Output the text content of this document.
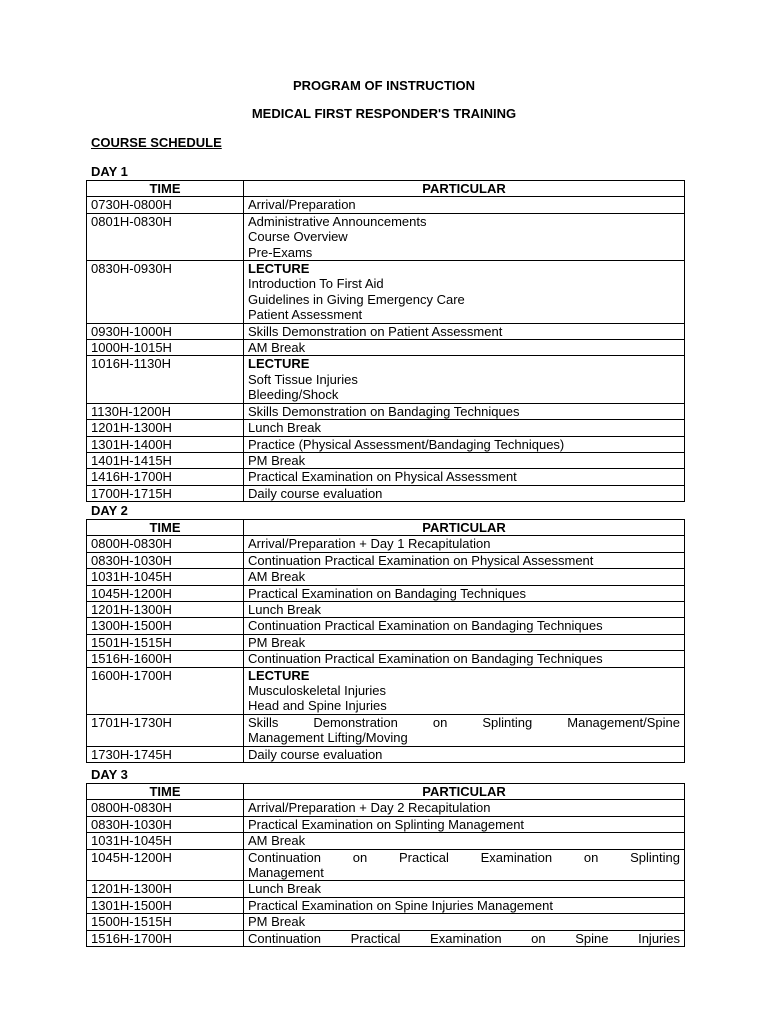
PROGRAM OF INSTRUCTION
MEDICAL FIRST RESPONDER'S TRAINING
COURSE SCHEDULE
DAY 1
TIME	PARTICULAR
0730H-0800H	Arrival/Preparation

0801H-0830H	Administrative Announcements
Course Overview
Pre-Exams

0830H-0930H	LECTURE
Introduction To First Aid
Guidelines in Giving Emergency Care
Patient Assessment

0930H-1000H	Skills Demonstration on Patient Assessment

1000H-1015H	AM Break

1016H-1130H	LECTURE
Soft Tissue Injuries
Bleeding/Shock

1130H-1200H	Skills Demonstration on Bandaging Techniques

1201H-1300H	Lunch Break

1301H-1400H	Practice (Physical Assessment/Bandaging Techniques)

1401H-1415H	PM Break

1416H-1700H	Practical Examination on Physical Assessment

1700H-1715H	Daily course evaluation
DAY 2
TIME	PARTICULAR
0800H-0830H	Arrival/Preparation + Day 1 Recapitulation

0830H-1030H	Continuation Practical Examination on Physical Assessment

1031H-1045H	AM Break

1045H-1200H	Practical Examination on Bandaging Techniques

1201H-1300H	Lunch Break

1300H-1500H	Continuation Practical Examination on Bandaging Techniques

1501H-1515H	PM Break

1516H-1600H	Continuation Practical Examination on Bandaging Techniques

1600H-1700H	LECTURE
Musculoskeletal Injuries
Head and Spine Injuries

1701H-1730H	Skills Demonstration on Splinting Management/Spine
Management Lifting/Moving

1730H-1745H	Daily course evaluation
DAY 3
TIME	PARTICULAR
0800H-0830H	Arrival/Preparation + Day 2 Recapitulation

0830H-1030H	Practical Examination on Splinting Management

1031H-1045H	AM Break

1045H-1200H	Continuation on Practical Examination on Splinting
Management

1201H-1300H	Lunch Break

1301H-1500H	Practical Examination on Spine Injuries Management

1500H-1515H	PM Break

1516H-1700H	Continuation Practical Examination on Spine Injuries
